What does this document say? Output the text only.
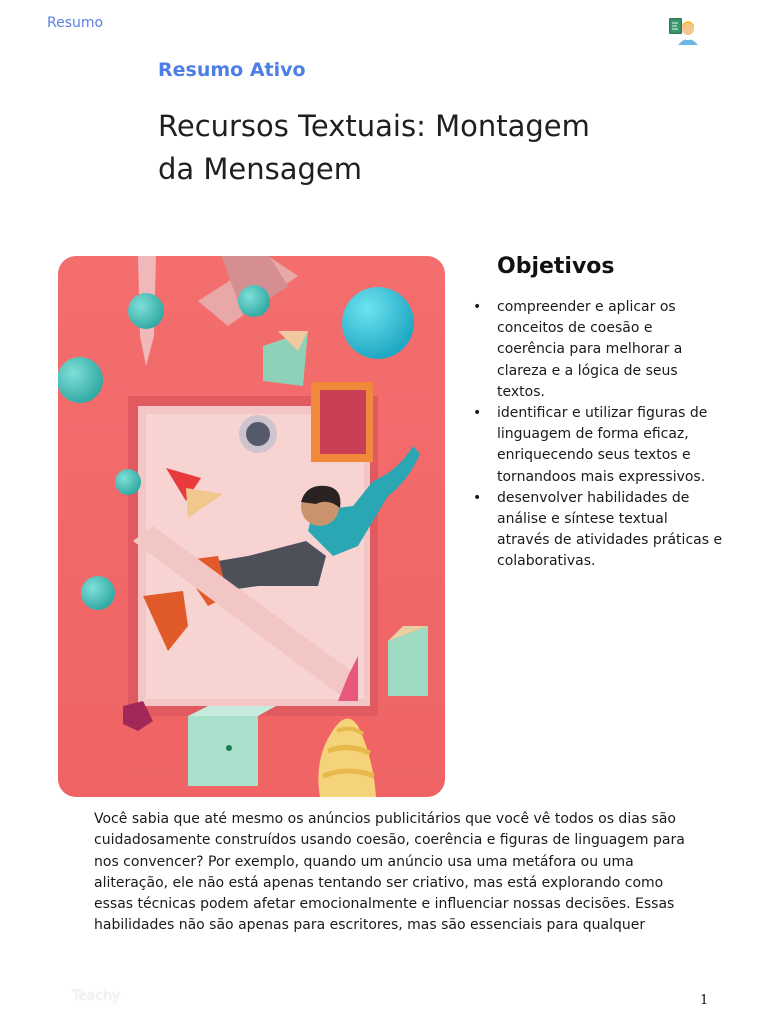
Resumo
Resumo Ativo
Recursos Textuais: Montagem da Mensagem
Objetivos
• compreender e aplicar os conceitos de coesão e coerência para melhorar a clareza e a lógica de seus textos.
• identificar e utilizar figuras de linguagem de forma eficaz, enriquecendo seus textos e tornandoos mais expressivos.
• desenvolver habilidades de análise e síntese textual através de atividades práticas e colaborativas.

Você sabia que até mesmo os anúncios publicitários que você vê todos os dias são cuidadosamente construídos usando coesão, coerência e figuras de linguagem para nos convencer? Por exemplo, quando um anúncio usa uma metáfora ou uma aliteração, ele não está apenas tentando ser criativo, mas está explorando como essas técnicas podem afetar emocionalmente e influenciar nossas decisões. Essas habilidades não são apenas para escritores, mas são essenciais para qualquer

Teachy	1
